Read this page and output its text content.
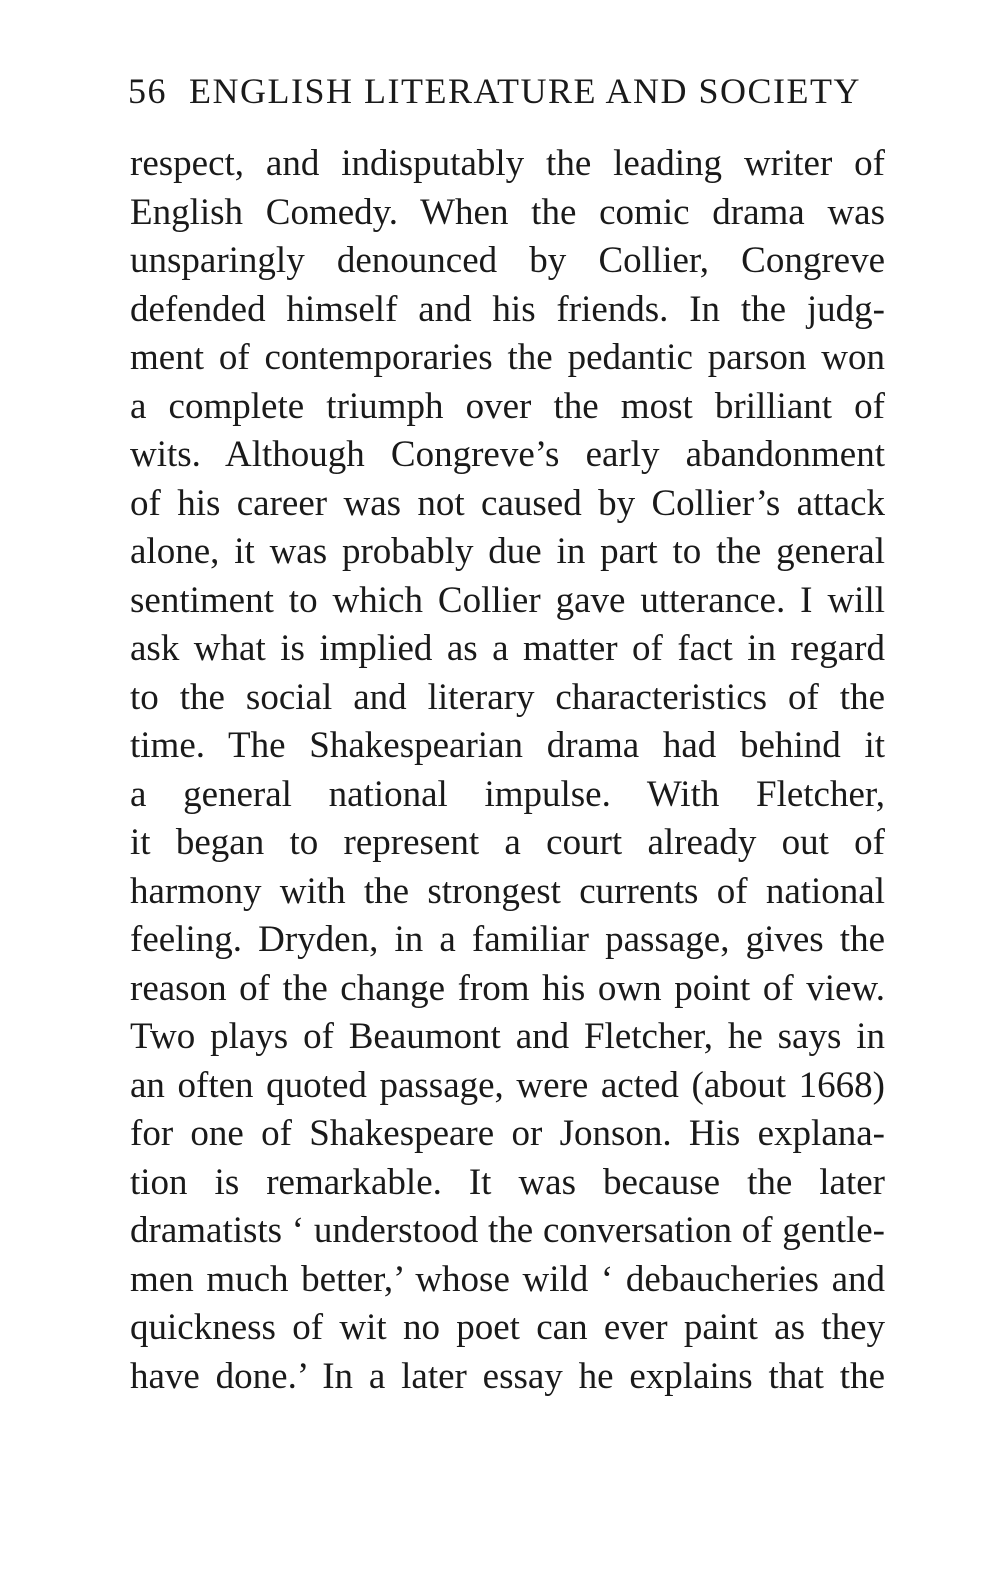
56 ENGLISH LITERATURE AND SOCIETY
respect, and indisputably the leading writer of
English Comedy. When the comic drama was
unsparingly denounced by Collier, Congreve
defended himself and his friends. In the judg-
ment of contemporaries the pedantic parson won
a complete triumph over the most brilliant of
wits. Although Congreve’s early abandonment
of his career was not caused by Collier’s attack
alone, it was probably due in part to the general
sentiment to which Collier gave utterance. I will
ask what is implied as a matter of fact in regard
to the social and literary characteristics of the
time. The Shakespearian drama had behind it
a general national impulse. With Fletcher,
it began to represent a court already out of
harmony with the strongest currents of national
feeling. Dryden, in a familiar passage, gives the
reason of the change from his own point of view.
Two plays of Beaumont and Fletcher, he says in
an often quoted passage, were acted (about 1668)
for one of Shakespeare or Jonson. His explana-
tion is remarkable. It was because the later
dramatists ‘ understood the conversation of gentle-
men much better,’ whose wild ‘ debaucheries and
quickness of wit no poet can ever paint as they
have done.’ In a later essay he explains that the
